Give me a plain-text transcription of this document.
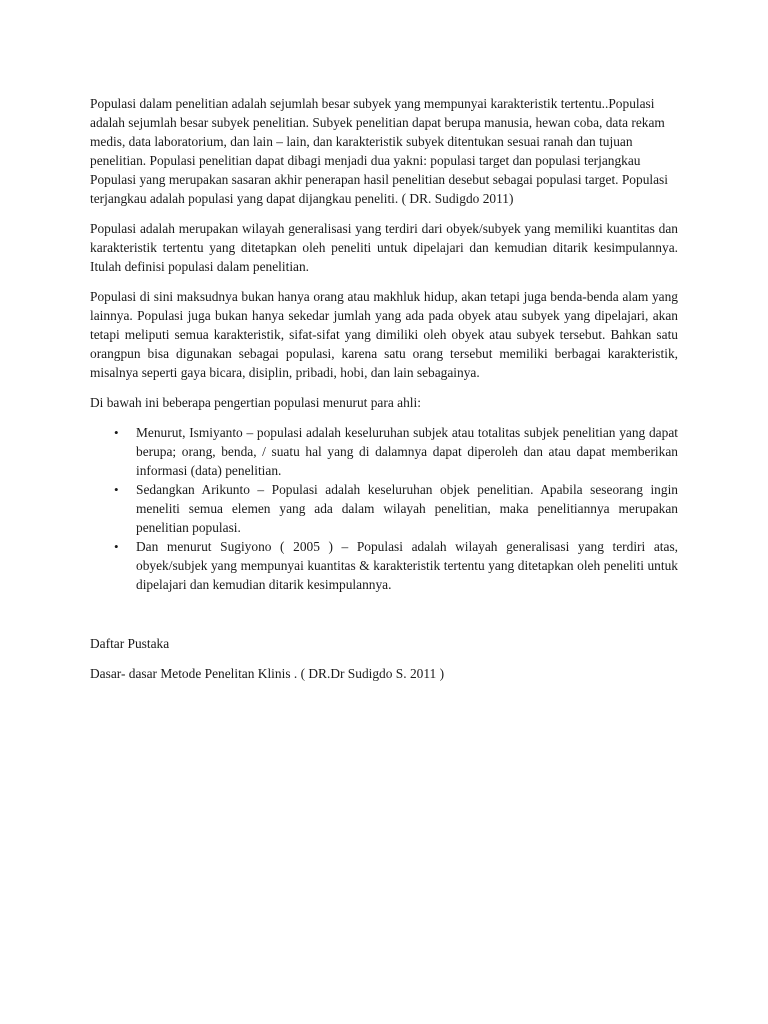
Populasi dalam penelitian adalah sejumlah besar subyek yang mempunyai karakteristik tertentu..Populasi adalah sejumlah besar subyek penelitian. Subyek penelitian dapat berupa manusia, hewan coba, data rekam medis, data laboratorium, dan lain – lain, dan karakteristik subyek ditentukan sesuai ranah dan tujuan penelitian. Populasi penelitian dapat dibagi menjadi dua yakni: populasi target dan populasi terjangkau Populasi yang merupakan sasaran akhir penerapan hasil penelitian desebut sebagai populasi target. Populasi terjangkau adalah populasi yang dapat dijangkau peneliti. ( DR. Sudigdo 2011)

Populasi adalah merupakan wilayah generalisasi yang terdiri dari obyek/subyek yang memiliki kuantitas dan karakteristik tertentu yang ditetapkan oleh peneliti untuk dipelajari dan kemudian ditarik kesimpulannya. Itulah definisi populasi dalam penelitian.

Populasi di sini maksudnya bukan hanya orang atau makhluk hidup, akan tetapi juga benda-benda alam yang lainnya. Populasi juga bukan hanya sekedar jumlah yang ada pada obyek atau subyek yang dipelajari, akan tetapi meliputi semua karakteristik, sifat-sifat yang dimiliki oleh obyek atau subyek tersebut. Bahkan satu orangpun bisa digunakan sebagai populasi, karena satu orang tersebut memiliki berbagai karakteristik, misalnya seperti gaya bicara, disiplin, pribadi, hobi, dan lain sebagainya.

Di bawah ini beberapa pengertian populasi menurut para ahli:

• Menurut, Ismiyanto – populasi adalah keseluruhan subjek atau totalitas subjek penelitian yang dapat berupa; orang, benda, / suatu hal yang di dalamnya dapat diperoleh dan atau dapat memberikan informasi (data) penelitian.
• Sedangkan Arikunto – Populasi adalah keseluruhan objek penelitian. Apabila seseorang ingin meneliti semua elemen yang ada dalam wilayah penelitian, maka penelitiannya merupakan penelitian populasi.
• Dan menurut Sugiyono ( 2005 ) – Populasi adalah wilayah generalisasi yang terdiri atas, obyek/subjek yang mempunyai kuantitas & karakteristik tertentu yang ditetapkan oleh peneliti untuk dipelajari dan kemudian ditarik kesimpulannya.

Daftar Pustaka

Dasar- dasar Metode Penelitan Klinis . ( DR.Dr Sudigdo S. 2011 )
